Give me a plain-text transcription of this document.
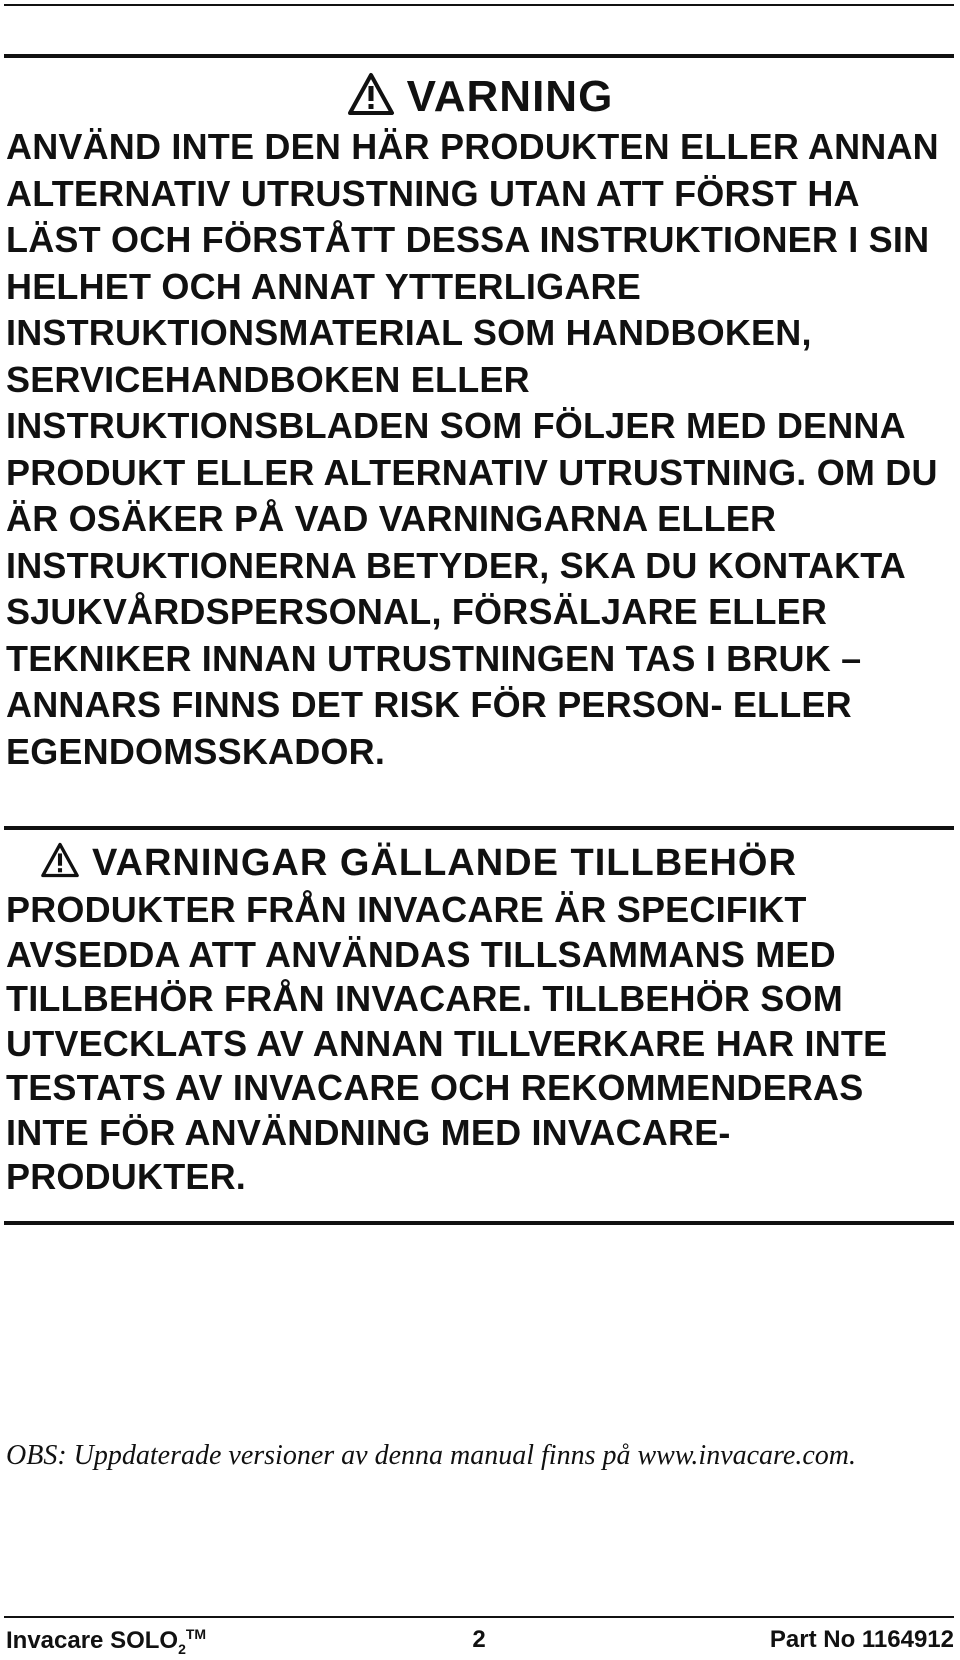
VARNING

ANVÄND INTE DEN HÄR PRODUKTEN ELLER ANNAN ALTERNATIV UTRUSTNING UTAN ATT FÖRST HA LÄST OCH FÖRSTÅTT DESSA INSTRUKTIONER I SIN HELHET OCH ANNAT YTTERLIGARE INSTRUKTIONSMATERIAL SOM HANDBOKEN, SERVICEHANDBOKEN ELLER INSTRUKTIONSBLADEN SOM FÖLJER MED DENNA PRODUKT ELLER ALTERNATIV UTRUSTNING. OM DU ÄR OSÄKER PÅ VAD VARNINGARNA ELLER INSTRUKTIONERNA BETYDER, SKA DU KONTAKTA SJUKVÅRDSPERSONAL, FÖRSÄLJARE ELLER TEKNIKER INNAN UTRUSTNINGEN TAS I BRUK – ANNARS FINNS DET RISK FÖR PERSON- ELLER EGENDOMSSKADOR.

VARNINGAR GÄLLANDE TILLBEHÖR

PRODUKTER FRÅN INVACARE ÄR SPECIFIKT AVSEDDA ATT ANVÄNDAS TILLSAMMANS MED TILLBEHÖR FRÅN INVACARE. TILLBEHÖR SOM UTVECKLATS AV ANNAN TILLVERKARE HAR INTE TESTATS AV INVACARE OCH REKOMMENDERAS INTE FÖR ANVÄNDNING MED INVACARE-PRODUKTER.

OBS: Uppdaterade versioner av denna manual finns på www.invacare.com.

Invacare $SOLO_2™$	2	Part No 1164912
